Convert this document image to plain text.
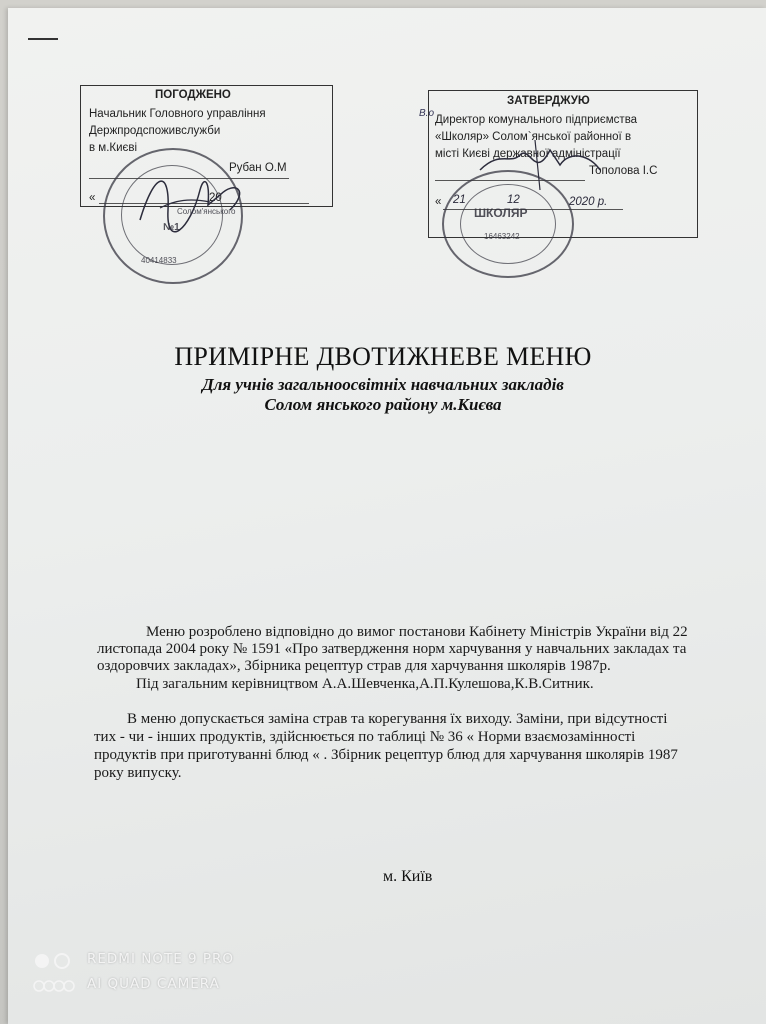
ПОГОДЖЕНО
Начальник Головного управління
Держпродспоживслужби
в м.Києві
Рубан О.М
«	20
№1
40414833
Солом'янського
ЗАТВЕРДЖУЮ
В.о
Директор комунального підприємства
«Школяр» Солом`янської районної в
місті Києві державної адміністрації
Тополова І.С
« 21	12	2020 р.
ШКОЛЯР
16463242
ПРИМІРНЕ ДВОТИЖНЕВЕ МЕНЮ
Для учнів загальноосвітніх навчальних закладів
Солом янського району м.Києва
Меню розроблено відповідно до вимог постанови Кабінету Міністрів України від 22
листопада 2004 року № 1591 «Про затвердження норм харчування у навчальних закладах та
оздоровчих закладах», Збірника рецептур страв для харчування школярів 1987р.
Під загальним керівництвом А.А.Шевченка,А.П.Кулешова,К.В.Ситник.
В меню допускається заміна страв та корегування їх виходу. Заміни, при відсутності
тих - чи - інших продуктів, здійснюється по таблиці № 36 « Норми взаємозамінності
продуктів при приготуванні блюд « . Збірник рецептур блюд для харчування школярів 1987
року випуску.
м. Київ
REDMI NOTE 9 PRO
AI QUAD CAMERA
